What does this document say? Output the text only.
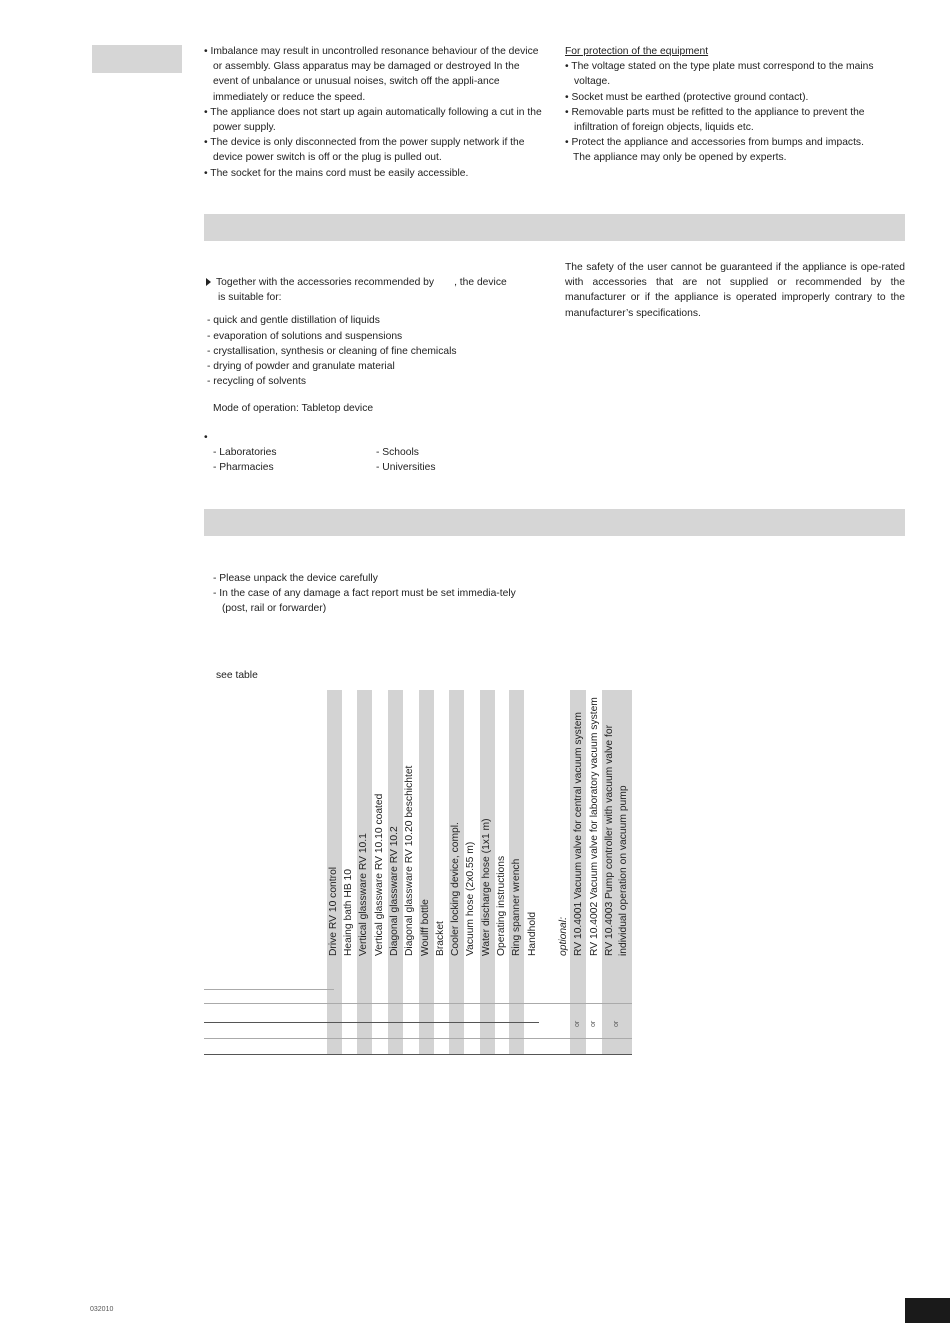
• Imbalance may result in uncontrolled resonance behaviour of the device or assembly. Glass apparatus may be damaged or destroyed In the event of unbalance or unusual noises, switch off the appli-ance immediately or reduce the speed.

• The appliance does not start up again automatically following a cut in the power supply.

• The device is only disconnected from the power supply network if the device power switch is off or the plug is pulled out.

• The socket for the mains cord must be easily accessible.

For protection of the equipment

• The voltage stated on the type plate must correspond to the mains voltage.

• Socket must be earthed (protective ground contact).

• Removable parts must be refitted to the appliance to prevent the infiltration of foreign objects, liquids etc.

• Protect the appliance and accessories from bumps and impacts.

The appliance may only be opened by experts.

Together with the accessories recommended by , the device

is suitable for:

- quick and gentle distillation of liquids

- evaporation of solutions and suspensions

- crystallisation, synthesis or cleaning of fine chemicals

- drying of powder and granulate material

- recycling of solvents

Mode of operation: Tabletop device

•

- Laboratories

- Pharmacies

- Schools

- Universities

The safety of the user cannot be guaranteed if the appliance is ope-rated with accessories that are not supplied or recommended by the manufacturer or if the appliance is operated improperly contrary to the manufacturer’s specifications.

- Please unpack the device carefully

- In the case of any damage a fact report must be set immedia-tely (post, rail or forwarder)

see table
Drive RV 10 control Heaing bath HB 10 Vertical glassware RV 10.1 Vertical glassware RV 10.10 coated Diagonal glassware RV 10.2 Diagonal glassware RV 10.20 beschichtet Woulff bottle Bracket Cooler locking device, compl. Vacuum hose (2x0.55 m) Water discharge hose (1x1 m) Operating instructions Ring spanner wrench Handhold optional: RV 10.4001 Vacuum valve for central vacuum system RV 10.4002 Vacuum valve for laboratory vacuum system RV 10.4003 Pump controller with vacuum valve for individual operation on vacuum pump
or or or
032010
